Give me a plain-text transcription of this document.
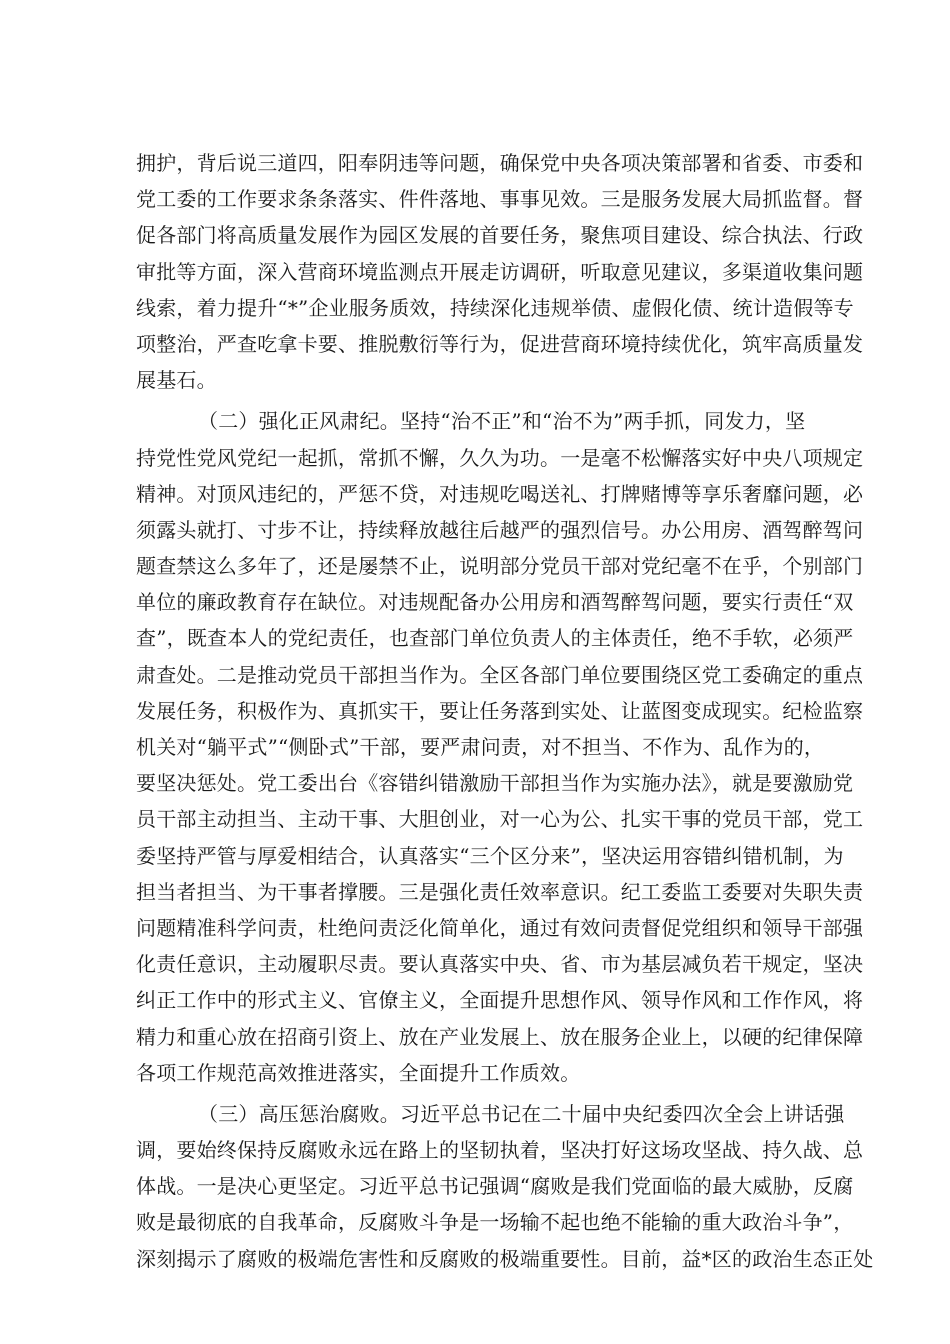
拥护，背后说三道四，阳奉阴违等问题，确保党中央各项决策部署和省委、市委和
党工委的工作要求条条落实、件件落地、事事见效。三是服务发展大局抓监督。督
促各部门将高质量发展作为园区发展的首要任务，聚焦项目建设、综合执法、行政
审批等方面，深入营商环境监测点开展走访调研，听取意见建议，多渠道收集问题
线索，着力提升“*”企业服务质效，持续深化违规举债、虚假化债、统计造假等专
项整治，严查吃拿卡要、推脱敷衍等行为，促进营商环境持续优化，筑牢高质量发
展基石。
（二）强化正风肃纪。坚持“治不正”和“治不为”两手抓，同发力，坚
持党性党风党纪一起抓，常抓不懈，久久为功。一是毫不松懈落实好中央八项规定
精神。对顶风违纪的，严惩不贷，对违规吃喝送礼、打牌赌博等享乐奢靡问题，必
须露头就打、寸步不让，持续释放越往后越严的强烈信号。办公用房、酒驾醉驾问
题查禁这么多年了，还是屡禁不止，说明部分党员干部对党纪毫不在乎，个别部门
单位的廉政教育存在缺位。对违规配备办公用房和酒驾醉驾问题，要实行责任“双
查”，既查本人的党纪责任，也查部门单位负责人的主体责任，绝不手软，必须严
肃查处。二是推动党员干部担当作为。全区各部门单位要围绕区党工委确定的重点
发展任务，积极作为、真抓实干，要让任务落到实处、让蓝图变成现实。纪检监察
机关对“躺平式”“侧卧式”干部，要严肃问责，对不担当、不作为、乱作为的，
要坚决惩处。党工委出台《容错纠错激励干部担当作为实施办法》，就是要激励党
员干部主动担当、主动干事、大胆创业，对一心为公、扎实干事的党员干部，党工
委坚持严管与厚爱相结合，认真落实“三个区分来”，坚决运用容错纠错机制，为
担当者担当、为干事者撑腰。三是强化责任效率意识。纪工委监工委要对失职失责
问题精准科学问责，杜绝问责泛化简单化，通过有效问责督促党组织和领导干部强
化责任意识，主动履职尽责。要认真落实中央、省、市为基层减负若干规定，坚决
纠正工作中的形式主义、官僚主义，全面提升思想作风、领导作风和工作作风，将
精力和重心放在招商引资上、放在产业发展上、放在服务企业上，以硬的纪律保障
各项工作规范高效推进落实，全面提升工作质效。
（三）高压惩治腐败。习近平总书记在二十届中央纪委四次全会上讲话强
调，要始终保持反腐败永远在路上的坚韧执着，坚决打好这场攻坚战、持久战、总
体战。一是决心更坚定。习近平总书记强调“腐败是我们党面临的最大威胁，反腐
败是最彻底的自我革命，反腐败斗争是一场输不起也绝不能输的重大政治斗争”，
深刻揭示了腐败的极端危害性和反腐败的极端重要性。目前，益*区的政治生态正处
